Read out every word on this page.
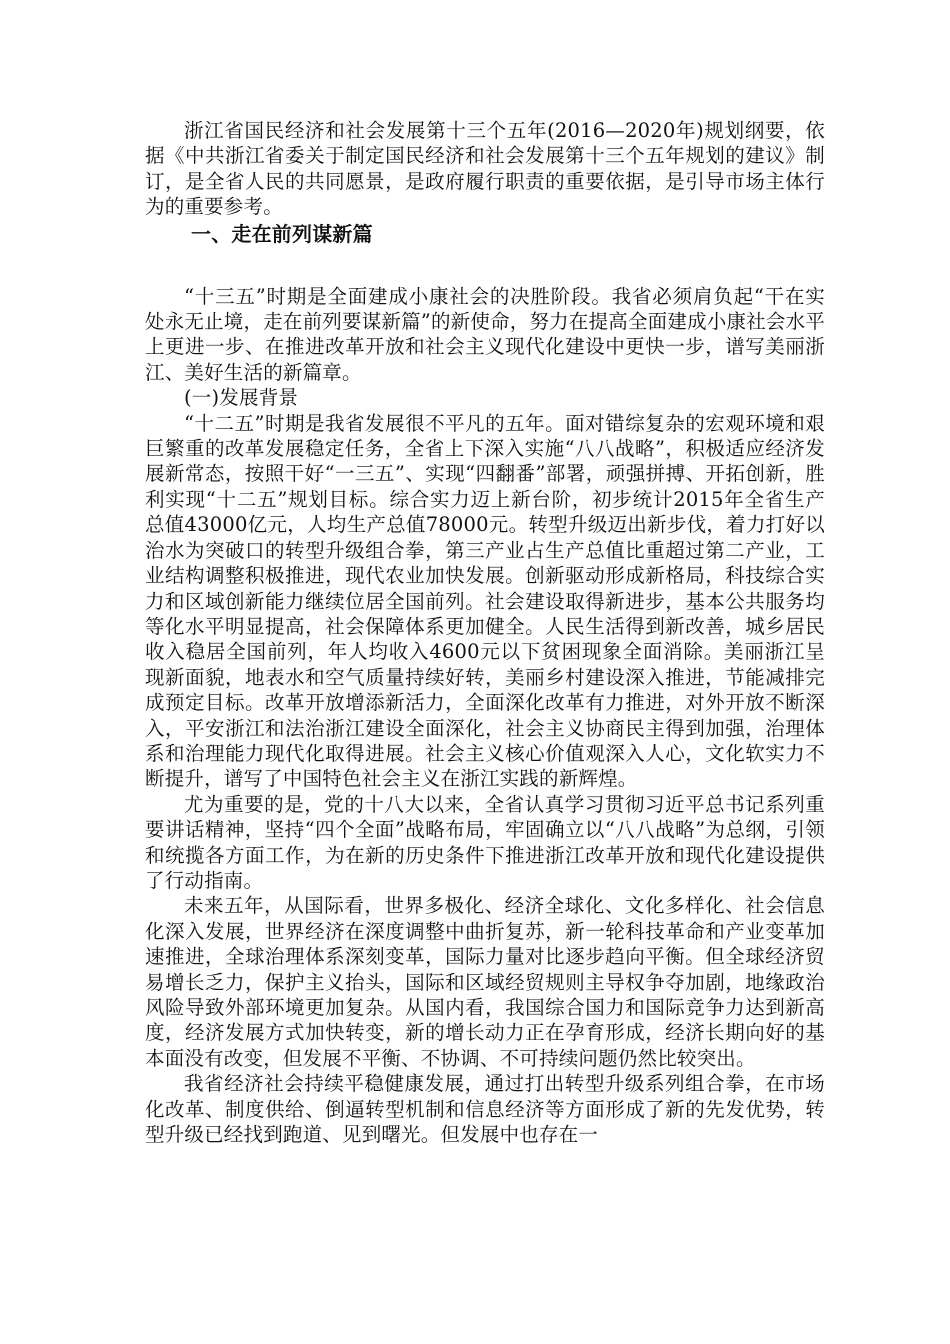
浙江省国民经济和社会发展第十三个五年(2016—2020年)规划纲要，依据《中共浙江省委关于制定国民经济和社会发展第十三个五年规划的建议》制订，是全省人民的共同愿景，是政府履行职责的重要依据，是引导市场主体行为的重要参考。

一、走在前列谋新篇

“十三五”时期是全面建成小康社会的决胜阶段。我省必须肩负起“干在实处永无止境，走在前列要谋新篇”的新使命，努力在提高全面建成小康社会水平上更进一步、在推进改革开放和社会主义现代化建设中更快一步，谱写美丽浙江、美好生活的新篇章。

(一)发展背景

“十二五”时期是我省发展很不平凡的五年。面对错综复杂的宏观环境和艰巨繁重的改革发展稳定任务，全省上下深入实施“八八战略”，积极适应经济发展新常态，按照干好“一三五”、实现“四翻番”部署，顽强拼搏、开拓创新，胜利实现“十二五”规划目标。综合实力迈上新台阶，初步统计2015年全省生产总值43000亿元，人均生产总值78000元。转型升级迈出新步伐，着力打好以治水为突破口的转型升级组合拳，第三产业占生产总值比重超过第二产业，工业结构调整积极推进，现代农业加快发展。创新驱动形成新格局，科技综合实力和区域创新能力继续位居全国前列。社会建设取得新进步，基本公共服务均等化水平明显提高，社会保障体系更加健全。人民生活得到新改善，城乡居民收入稳居全国前列，年人均收入4600元以下贫困现象全面消除。美丽浙江呈现新面貌，地表水和空气质量持续好转，美丽乡村建设深入推进，节能减排完成预定目标。改革开放增添新活力，全面深化改革有力推进，对外开放不断深入，平安浙江和法治浙江建设全面深化，社会主义协商民主得到加强，治理体系和治理能力现代化取得进展。社会主义核心价值观深入人心，文化软实力不断提升，谱写了中国特色社会主义在浙江实践的新辉煌。

尤为重要的是，党的十八大以来，全省认真学习贯彻习近平总书记系列重要讲话精神，坚持“四个全面”战略布局，牢固确立以“八八战略”为总纲，引领和统揽各方面工作，为在新的历史条件下推进浙江改革开放和现代化建设提供了行动指南。

未来五年，从国际看，世界多极化、经济全球化、文化多样化、社会信息化深入发展，世界经济在深度调整中曲折复苏，新一轮科技革命和产业变革加速推进，全球治理体系深刻变革，国际力量对比逐步趋向平衡。但全球经济贸易增长乏力，保护主义抬头，国际和区域经贸规则主导权争夺加剧，地缘政治风险导致外部环境更加复杂。从国内看，我国综合国力和国际竞争力达到新高度，经济发展方式加快转变，新的增长动力正在孕育形成，经济长期向好的基本面没有改变，但发展不平衡、不协调、不可持续问题仍然比较突出。

我省经济社会持续平稳健康发展，通过打出转型升级系列组合拳，在市场化改革、制度供给、倒逼转型机制和信息经济等方面形成了新的先发优势，转型升级已经找到跑道、见到曙光。但发展中也存在一
